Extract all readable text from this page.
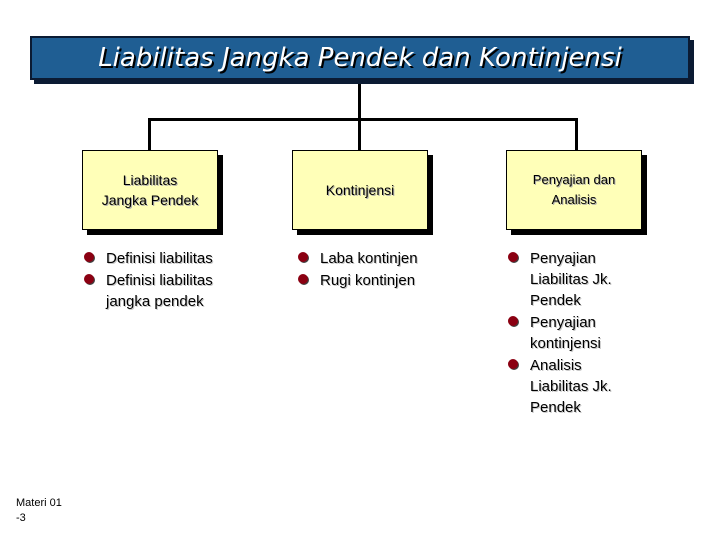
Liabilitas Jangka Pendek dan Kontinjensi
Liabilitas
Jangka Pendek
Kontinjensi
Penyajian dan
Analisis
Definisi liabilitas
Definisi liabilitas jangka pendek
Laba kontinjen
Rugi kontinjen
Penyajian Liabilitas Jk. Pendek
Penyajian kontinjensi
Analisis Liabilitas Jk. Pendek
Materi 01
-3
